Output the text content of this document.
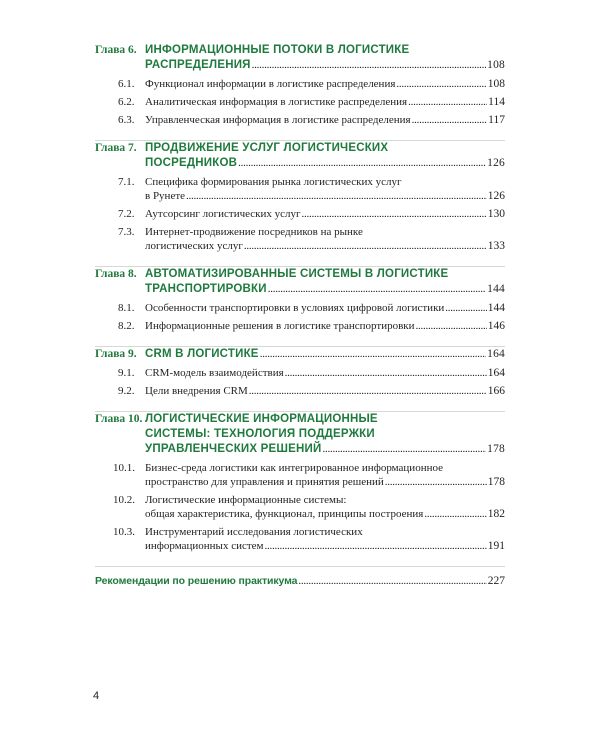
Глава 6. ИНФОРМАЦИОННЫЕ ПОТОКИ В ЛОГИСТИКЕ
РАСПРЕДЕЛЕНИЯ . . .	108
6.1. Функционал информации в логистике распределения . . .	108
6.2. Аналитическая информация в логистике распределения . . .	114
6.3. Управленческая информация в логистике распределения . . .	117
Глава 7. ПРОДВИЖЕНИЕ УСЛУГ ЛОГИСТИЧЕСКИХ
ПОСРЕДНИКОВ . . .	126
7.1. Специфика формирования рынка логистических услуг
в Рунете . . .	126
7.2. Аутсорсинг логистических услуг . . .	130
7.3. Интернет-продвижение посредников на рынке
логистических услуг . . .	133
Глава 8. АВТОМАТИЗИРОВАННЫЕ СИСТЕМЫ В ЛОГИСТИКЕ
ТРАНСПОРТИРОВКИ . . .	144
8.1. Особенности транспортировки в условиях цифровой логистики . . .	144
8.2. Информационные решения в логистике транспортировки . . .	146
Глава 9. CRM В ЛОГИСТИКЕ . . .	164
9.1. CRM-модель взаимодействия . . .	164
9.2. Цели внедрения CRM . . .	166
Глава 10. ЛОГИСТИЧЕСКИЕ ИНФОРМАЦИОННЫЕ
СИСТЕМЫ: ТЕХНОЛОГИЯ ПОДДЕРЖКИ
УПРАВЛЕНЧЕСКИХ РЕШЕНИЙ . . .	178
10.1. Бизнес-среда логистики как интегрированное информационное
пространство для управления и принятия решений . . .	178
10.2. Логистические информационные системы:
общая характеристика, функционал, принципы построения . . .	182
10.3. Инструментарий исследования логистических
информационных систем . . .	191
Рекомендации по решению практикума . . .	227
4
